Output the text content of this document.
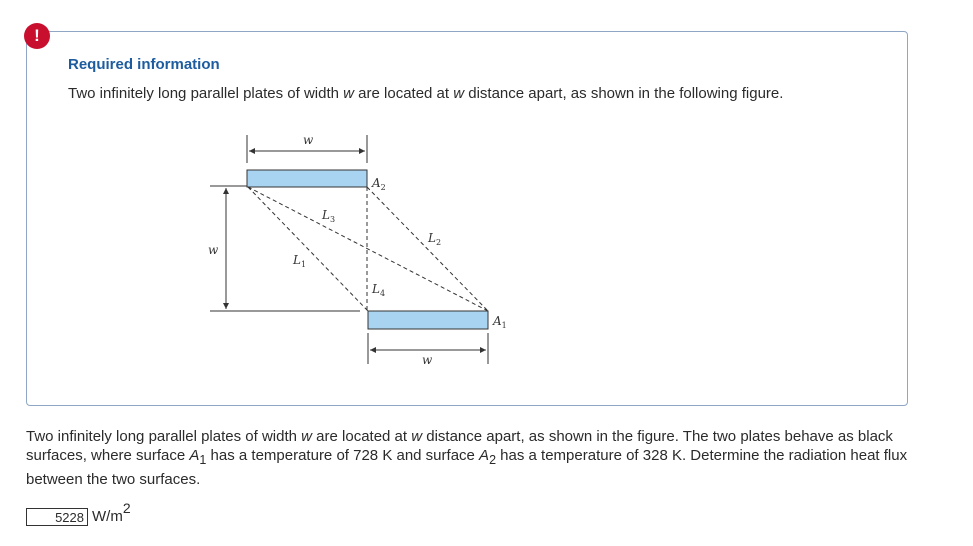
!
Required information
Two infinitely long parallel plates of width w are located at w distance apart, as shown in the following figure.
w
w
w
A2
A1
L3
L1
L2
L4
Two infinitely long parallel plates of width w are located at w distance apart, as shown in the figure. The two plates behave as black surfaces, where surface $A_1$ has a temperature of 728 K and surface $A_2$ has a temperature of 328 K. Determine the radiation heat flux between the two surfaces.
5228
$W/m^2$
